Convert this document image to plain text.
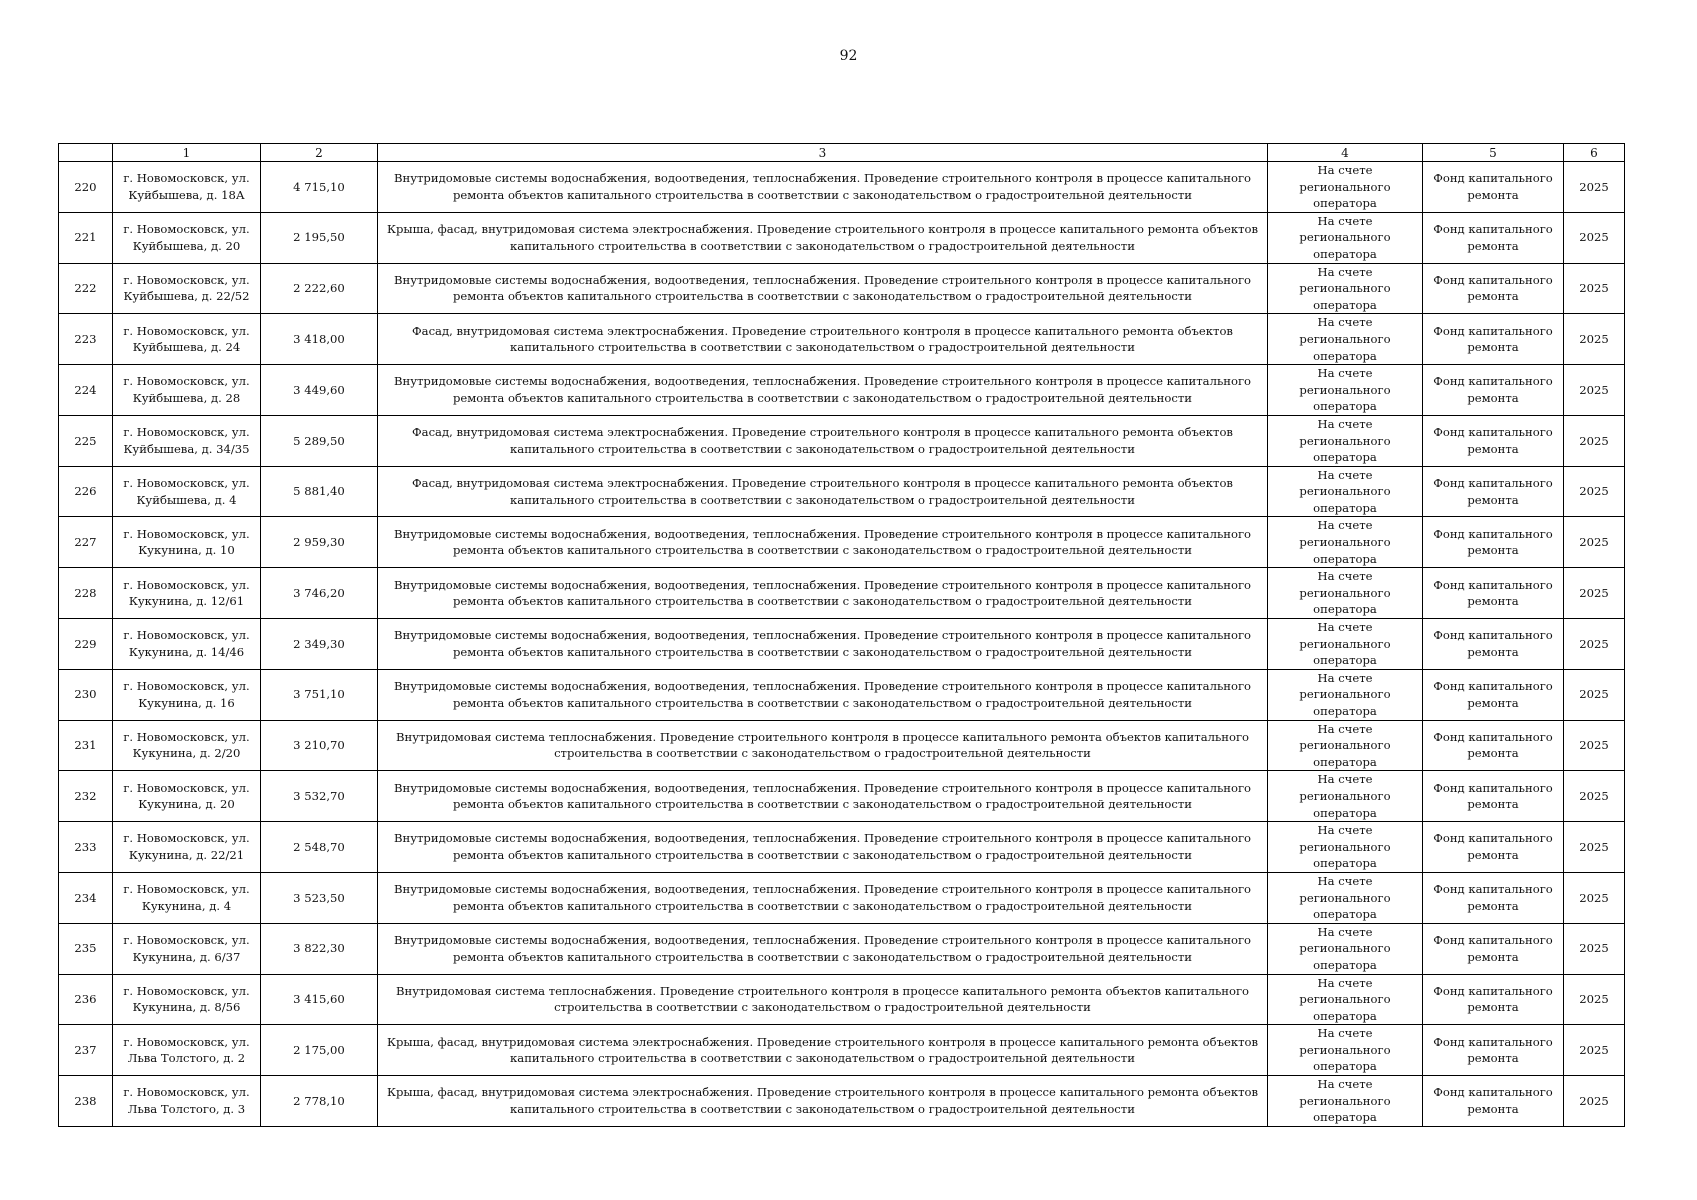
92
	1	2	3	4	5	6
220	г. Новомосковск, ул. Куйбышева, д. 18А	4 715,10	Внутридомовые системы водоснабжения, водоотведения, теплоснабжения. Проведение строительного контроля в процессе капитального ремонта объектов капитального строительства в соответствии с законодательством о градостроительной деятельности	На счете регионального оператора	Фонд капитального ремонта	2025
221	г. Новомосковск, ул. Куйбышева, д. 20	2 195,50	Крыша, фасад, внутридомовая система электроснабжения. Проведение строительного контроля в процессе капитального ремонта объектов капитального строительства в соответствии с законодательством о градостроительной деятельности	На счете регионального оператора	Фонд капитального ремонта	2025
222	г. Новомосковск, ул. Куйбышева, д. 22/52	2 222,60	Внутридомовые системы водоснабжения, водоотведения, теплоснабжения. Проведение строительного контроля в процессе капитального ремонта объектов капитального строительства в соответствии с законодательством о градостроительной деятельности	На счете регионального оператора	Фонд капитального ремонта	2025
223	г. Новомосковск, ул. Куйбышева, д. 24	3 418,00	Фасад, внутридомовая система электроснабжения. Проведение строительного контроля в процессе капитального ремонта объектов капитального строительства в соответствии с законодательством о градостроительной деятельности	На счете регионального оператора	Фонд капитального ремонта	2025
224	г. Новомосковск, ул. Куйбышева, д. 28	3 449,60	Внутридомовые системы водоснабжения, водоотведения, теплоснабжения. Проведение строительного контроля в процессе капитального ремонта объектов капитального строительства в соответствии с законодательством о градостроительной деятельности	На счете регионального оператора	Фонд капитального ремонта	2025
225	г. Новомосковск, ул. Куйбышева, д. 34/35	5 289,50	Фасад, внутридомовая система электроснабжения. Проведение строительного контроля в процессе капитального ремонта объектов капитального строительства в соответствии с законодательством о градостроительной деятельности	На счете регионального оператора	Фонд капитального ремонта	2025
226	г. Новомосковск, ул. Куйбышева, д. 4	5 881,40	Фасад, внутридомовая система электроснабжения. Проведение строительного контроля в процессе капитального ремонта объектов капитального строительства в соответствии с законодательством о градостроительной деятельности	На счете регионального оператора	Фонд капитального ремонта	2025
227	г. Новомосковск, ул. Кукунина, д. 10	2 959,30	Внутридомовые системы водоснабжения, водоотведения, теплоснабжения. Проведение строительного контроля в процессе капитального ремонта объектов капитального строительства в соответствии с законодательством о градостроительной деятельности	На счете регионального оператора	Фонд капитального ремонта	2025
228	г. Новомосковск, ул. Кукунина, д. 12/61	3 746,20	Внутридомовые системы водоснабжения, водоотведения, теплоснабжения. Проведение строительного контроля в процессе капитального ремонта объектов капитального строительства в соответствии с законодательством о градостроительной деятельности	На счете регионального оператора	Фонд капитального ремонта	2025
229	г. Новомосковск, ул. Кукунина, д. 14/46	2 349,30	Внутридомовые системы водоснабжения, водоотведения, теплоснабжения. Проведение строительного контроля в процессе капитального ремонта объектов капитального строительства в соответствии с законодательством о градостроительной деятельности	На счете регионального оператора	Фонд капитального ремонта	2025
230	г. Новомосковск, ул. Кукунина, д. 16	3 751,10	Внутридомовые системы водоснабжения, водоотведения, теплоснабжения. Проведение строительного контроля в процессе капитального ремонта объектов капитального строительства в соответствии с законодательством о градостроительной деятельности	На счете регионального оператора	Фонд капитального ремонта	2025
231	г. Новомосковск, ул. Кукунина, д. 2/20	3 210,70	Внутридомовая система теплоснабжения. Проведение строительного контроля в процессе капитального ремонта объектов капитального строительства в соответствии с законодательством о градостроительной деятельности	На счете регионального оператора	Фонд капитального ремонта	2025
232	г. Новомосковск, ул. Кукунина, д. 20	3 532,70	Внутридомовые системы водоснабжения, водоотведения, теплоснабжения. Проведение строительного контроля в процессе капитального ремонта объектов капитального строительства в соответствии с законодательством о градостроительной деятельности	На счете регионального оператора	Фонд капитального ремонта	2025
233	г. Новомосковск, ул. Кукунина, д. 22/21	2 548,70	Внутридомовые системы водоснабжения, водоотведения, теплоснабжения. Проведение строительного контроля в процессе капитального ремонта объектов капитального строительства в соответствии с законодательством о градостроительной деятельности	На счете регионального оператора	Фонд капитального ремонта	2025
234	г. Новомосковск, ул. Кукунина, д. 4	3 523,50	Внутридомовые системы водоснабжения, водоотведения, теплоснабжения. Проведение строительного контроля в процессе капитального ремонта объектов капитального строительства в соответствии с законодательством о градостроительной деятельности	На счете регионального оператора	Фонд капитального ремонта	2025
235	г. Новомосковск, ул. Кукунина, д. 6/37	3 822,30	Внутридомовые системы водоснабжения, водоотведения, теплоснабжения. Проведение строительного контроля в процессе капитального ремонта объектов капитального строительства в соответствии с законодательством о градостроительной деятельности	На счете регионального оператора	Фонд капитального ремонта	2025
236	г. Новомосковск, ул. Кукунина, д. 8/56	3 415,60	Внутридомовая система теплоснабжения. Проведение строительного контроля в процессе капитального ремонта объектов капитального строительства в соответствии с законодательством о градостроительной деятельности	На счете регионального оператора	Фонд капитального ремонта	2025
237	г. Новомосковск, ул. Льва Толстого, д. 2	2 175,00	Крыша, фасад, внутридомовая система электроснабжения. Проведение строительного контроля в процессе капитального ремонта объектов капитального строительства в соответствии с законодательством о градостроительной деятельности	На счете регионального оператора	Фонд капитального ремонта	2025
238	г. Новомосковск, ул. Льва Толстого, д. 3	2 778,10	Крыша, фасад, внутридомовая система электроснабжения. Проведение строительного контроля в процессе капитального ремонта объектов капитального строительства в соответствии с законодательством о градостроительной деятельности	На счете регионального оператора	Фонд капитального ремонта	2025
